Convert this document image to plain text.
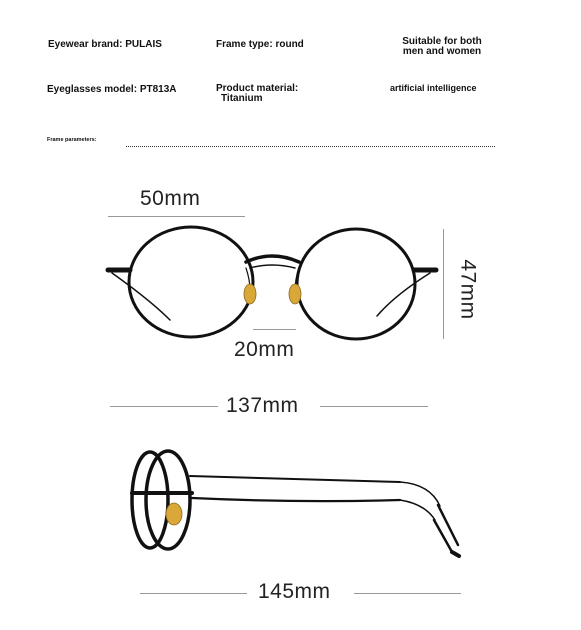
Eyewear brand: PULAIS	Frame type: round	Suitable for both
men and women
Eyeglasses model: PT813A	Product material:
Titanium
artificial intelligence
Frame parameters:
50mm
47mm
20mm
137mm
145mm
